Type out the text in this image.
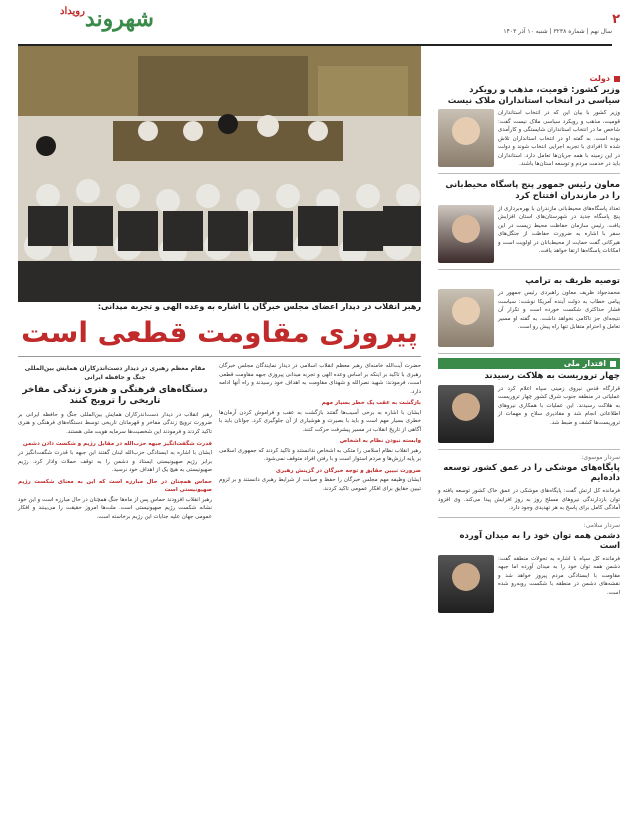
شهروند$^{رویداد}$
۲
سال نهم | شماره ۳۲۳۸ | شنبه ۱۰ آذر ۱۴۰۳
رهبر انقلاب در دیدار اعضای مجلس خبرگان با اشاره به وعده الهی و تجربه میدانی:
پیروزی مقاومت قطعی است

حضرت آیت‌الله خامنه‌ای رهبر معظم انقلاب اسلامی در دیدار نمایندگان مجلس خبرگان رهبری با تاکید بر اینکه بر اساس وعده الهی و تجربه میدانی پیروزی جبهه مقاومت قطعی است، فرمودند: شهید نصرالله و شهدای مقاومت به اهداف خود رسیدند و راه آنها ادامه دارد.

بازگشت به عقب یک خطر بسیار مهم

ایشان با اشاره به برخی آسیب‌ها گفتند بازگشت به عقب و فراموش کردن آرمان‌ها خطری بسیار مهم است و باید با بصیرت و هوشیاری از آن جلوگیری کرد. جوانان باید با آگاهی از تاریخ انقلاب در مسیر پیشرفت حرکت کنند.

وابسته نبودن نظام به اشخاص

رهبر انقلاب نظام اسلامی را متکی به اشخاص ندانستند و تاکید کردند که جمهوری اسلامی بر پایه ارزش‌ها و مردم استوار است و با رفتن افراد متوقف نمی‌شود.

ضرورت تبیین حقایق و توجه خبرگان در گزینش رهبری

ایشان وظیفه مهم مجلس خبرگان را حفظ و صیانت از شرایط رهبری دانستند و بر لزوم تبیین حقایق برای افکار عمومی تاکید کردند.

مقام معظم رهبری در دیدار دست‌اندرکاران همایش بین‌المللی جنگ و حافظه ایرانی

دستگاه‌های فرهنگی و هنری زندگی مفاخر تاریخی را ترویج کنند

رهبر انقلاب در دیدار دست‌اندرکاران همایش بین‌المللی جنگ و حافظه ایرانی بر ضرورت ترویج زندگی مفاخر و قهرمانان تاریخی توسط دستگاه‌های فرهنگی و هنری تاکید کردند و فرمودند این شخصیت‌ها سرمایه هویت ملی هستند.

قدرت شگفت‌انگیز جبهه حزب‌الله در مقابل رژیم و شکست دادن دشمن

ایشان با اشاره به ایستادگی حزب‌الله لبنان گفتند این جبهه با قدرت شگفت‌انگیز در برابر رژیم صهیونیستی ایستاد و دشمن را به توقف حملات وادار کرد. رژیم صهیونیستی به هیچ یک از اهداف خود نرسید.

حماس همچنان در حال مبارزه است که این به معنای شکست رژیم صهیونیستی است

رهبر انقلاب افزودند حماس پس از ماه‌ها جنگ همچنان در حال مبارزه است و این خود نشانه شکست رژیم صهیونیستی است. ملت‌ها امروز حقیقت را می‌بینند و افکار عمومی جهان علیه جنایات این رژیم برخاسته است.

دولت
وزیر کشور: قومیت، مذهب و رویکرد سیاسی در انتخاب استانداران ملاک نیست
وزیر کشور با بیان این که در انتخاب استانداران قومیت، مذهب و رویکرد سیاسی ملاک نیست گفت: شاخص ما در انتخاب استانداران شایستگی و کارآمدی بوده است. به گفته او در انتخاب استانداران تلاش شده تا افرادی با تجربه اجرایی انتخاب شوند و دولت در این زمینه با همه جریان‌ها تعامل دارد. استانداران باید در خدمت مردم و توسعه استان‌ها باشند.
معاون رئیس جمهور پنج پاسگاه محیط‌بانی را در مازندران افتتاح کرد
تعداد پاسگاه‌های محیط‌بانی مازندران با بهره‌برداری از پنج پاسگاه جدید در شهرستان‌های استان افزایش یافت. رئیس سازمان حفاظت محیط زیست در این سفر با اشاره به ضرورت حفاظت از جنگل‌های هیرکانی گفت حمایت از محیط‌بانان در اولویت است و امکانات پاسگاه‌ها ارتقا خواهد یافت.
توصیه ظریف به ترامپ
محمدجواد ظریف معاون راهبردی رئیس جمهور در پیامی خطاب به دولت آینده آمریکا نوشت: سیاست فشار حداکثری شکست خورده است و تکرار آن نتیجه‌ای جز ناکامی نخواهد داشت. به گفته او مسیر تعامل و احترام متقابل تنها راه پیش رو است.
اقتدار ملی
چهار تروریست به هلاکت رسیدند
قرارگاه قدس نیروی زمینی سپاه اعلام کرد در عملیاتی در منطقه جنوب شرق کشور چهار تروریست به هلاکت رسیدند. این عملیات با همکاری نیروهای اطلاعاتی انجام شد و مقادیری سلاح و مهمات از تروریست‌ها کشف و ضبط شد.
سردار موسوی:
پایگاه‌های موشکی را در عمق کشور توسعه داده‌ایم
فرمانده کل ارتش گفت: پایگاه‌های موشکی در عمق خاک کشور توسعه یافته و توان بازدارندگی نیروهای مسلح روز به روز افزایش پیدا می‌کند. وی افزود آمادگی کامل برای پاسخ به هر تهدیدی وجود دارد.
سردار سلامی:
دشمن همه توان خود را به میدان آورده است
فرمانده کل سپاه با اشاره به تحولات منطقه گفت: دشمن همه توان خود را به میدان آورده اما جبهه مقاومت با ایستادگی مردم پیروز خواهد شد و نقشه‌های دشمن در منطقه با شکست روبه‌رو شده است.
